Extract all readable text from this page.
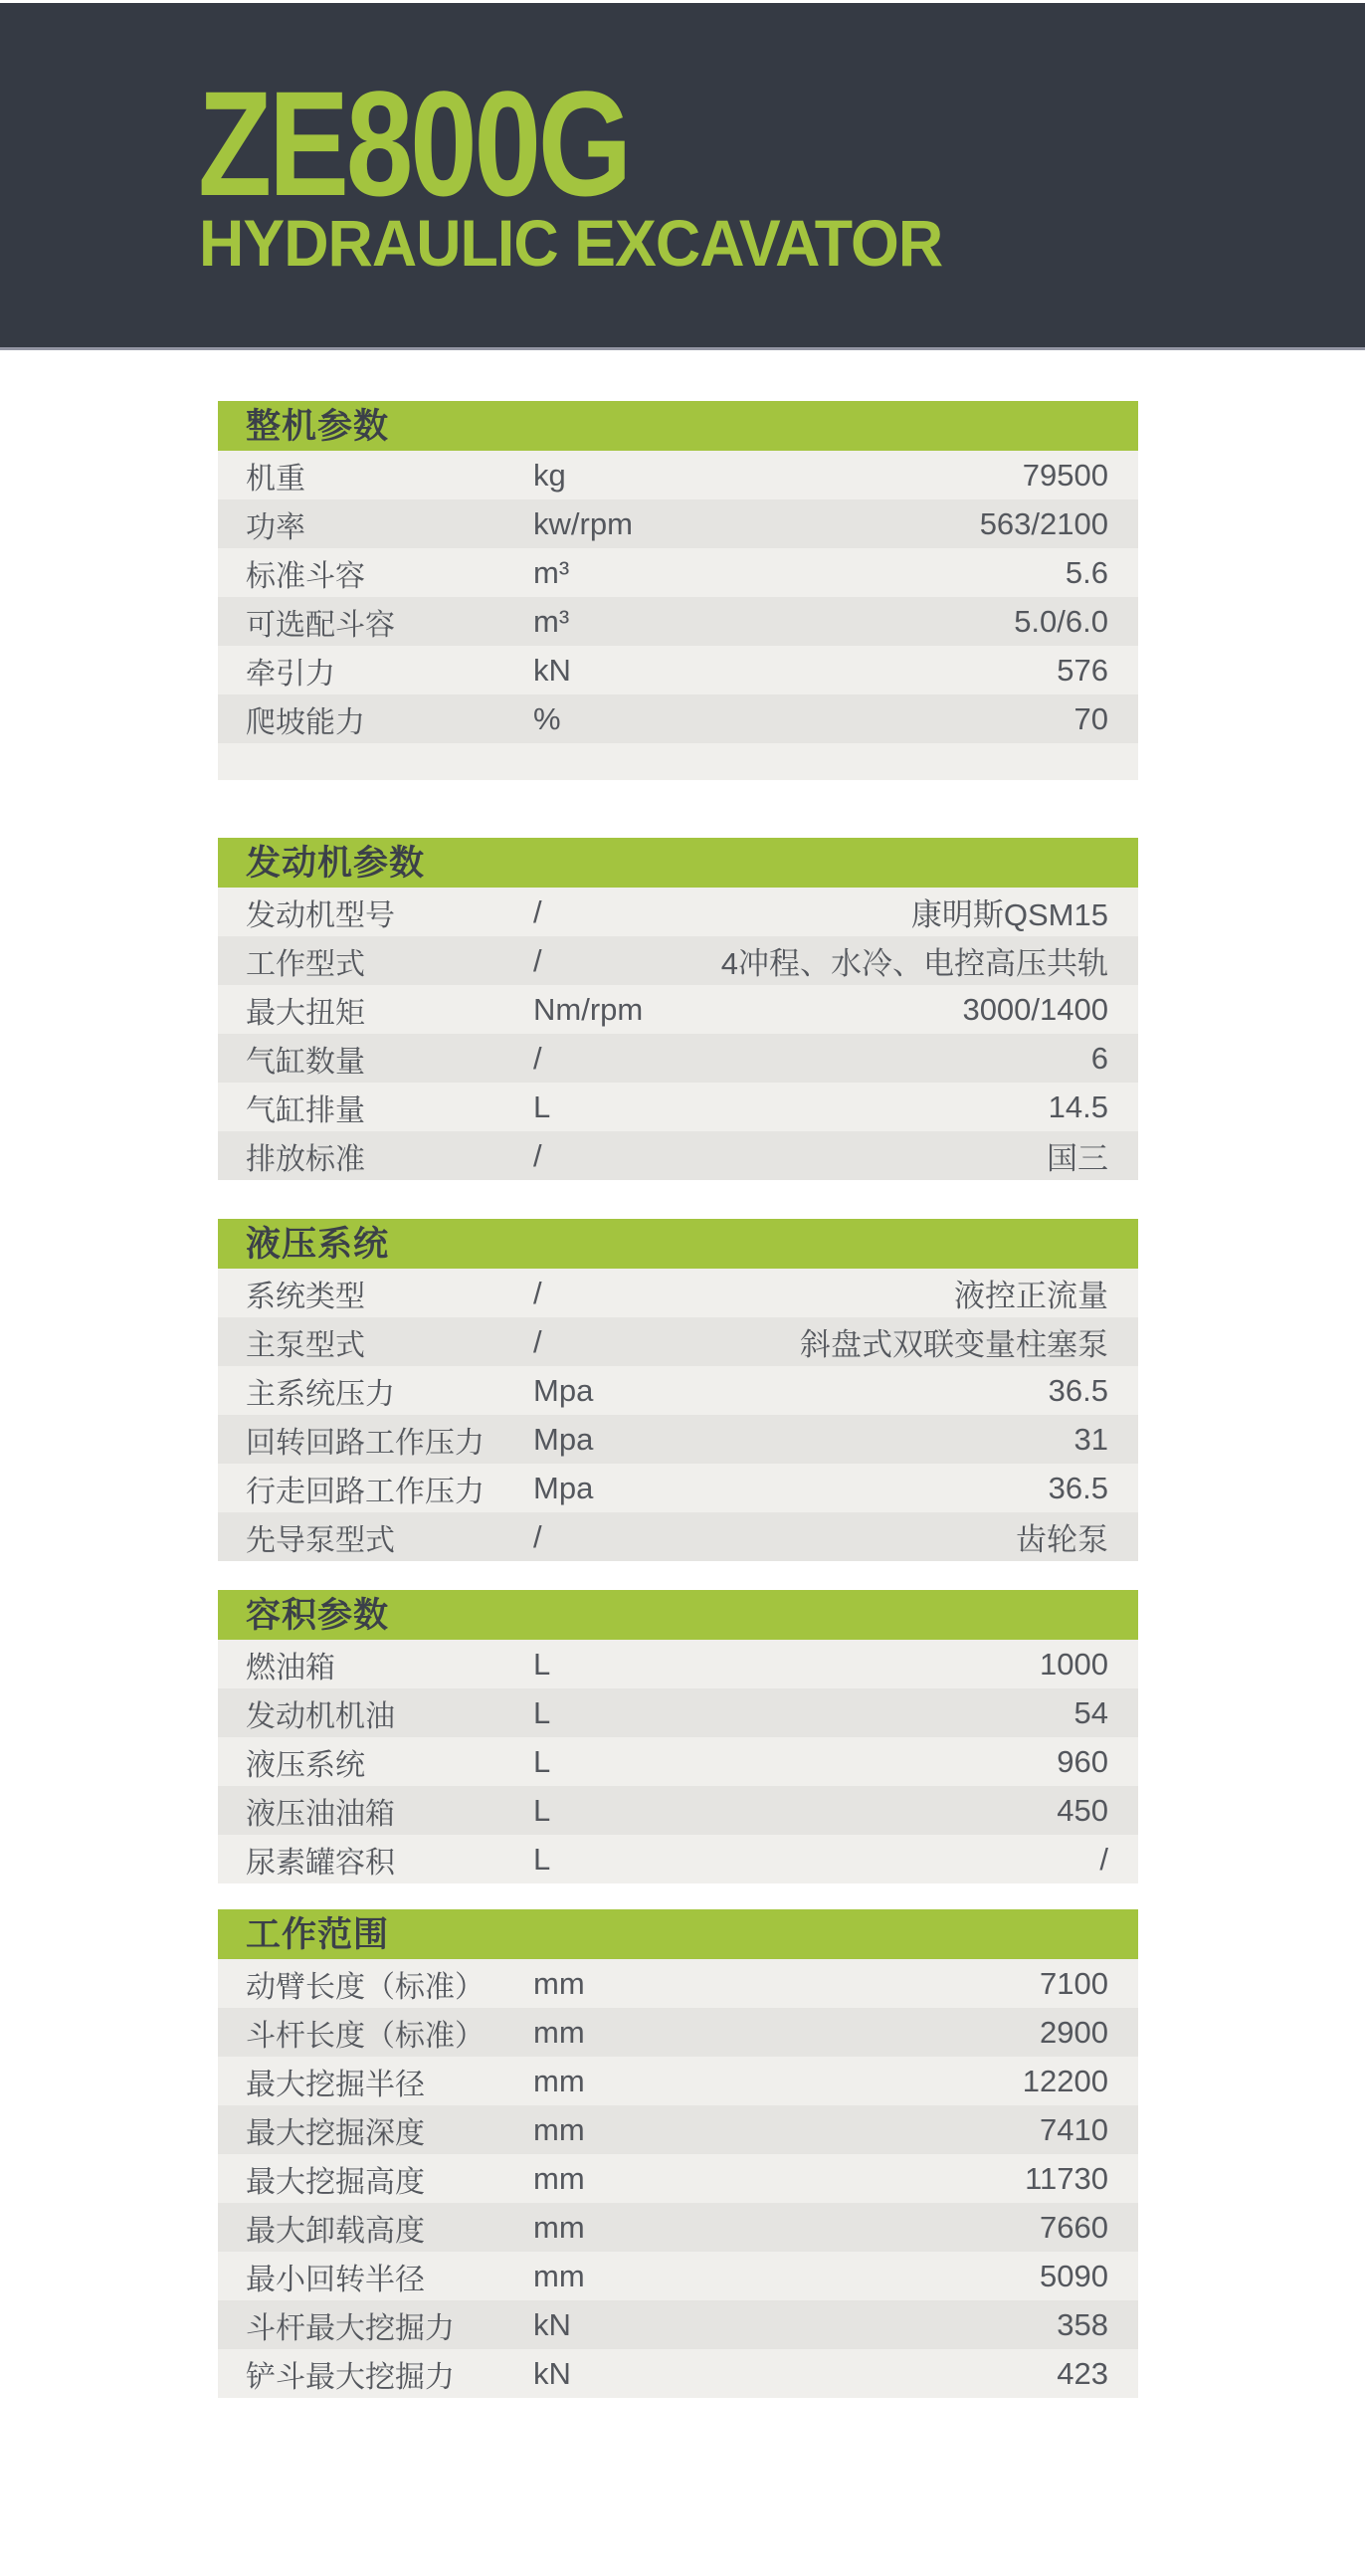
ZE800G
HYDRAULIC EXCAVATOR
整机参数
机重	kg	79500
功率	kw/rpm	563/2100
标准斗容	m³	5.6
可选配斗容	m³	5.0/6.0
牵引力	kN	576
爬坡能力	%	70
发动机参数
发动机型号	/	康明斯QSM15
工作型式	/	4冲程、水冷、电控高压共轨
最大扭矩	Nm/rpm	3000/1400
气缸数量	/	6
气缸排量	L	14.5
排放标准	/	国三
液压系统
系统类型	/	液控正流量
主泵型式	/	斜盘式双联变量柱塞泵
主系统压力	Mpa	36.5
回转回路工作压力	Mpa	31
行走回路工作压力	Mpa	36.5
先导泵型式	/	齿轮泵
容积参数
燃油箱	L	1000
发动机机油	L	54
液压系统	L	960
液压油油箱	L	450
尿素罐容积	L	/
工作范围
动臂长度（标准）	mm	7100
斗杆长度（标准）	mm	2900
最大挖掘半径	mm	12200
最大挖掘深度	mm	7410
最大挖掘高度	mm	11730
最大卸载高度	mm	7660
最小回转半径	mm	5090
斗杆最大挖掘力	kN	358
铲斗最大挖掘力	kN	423
